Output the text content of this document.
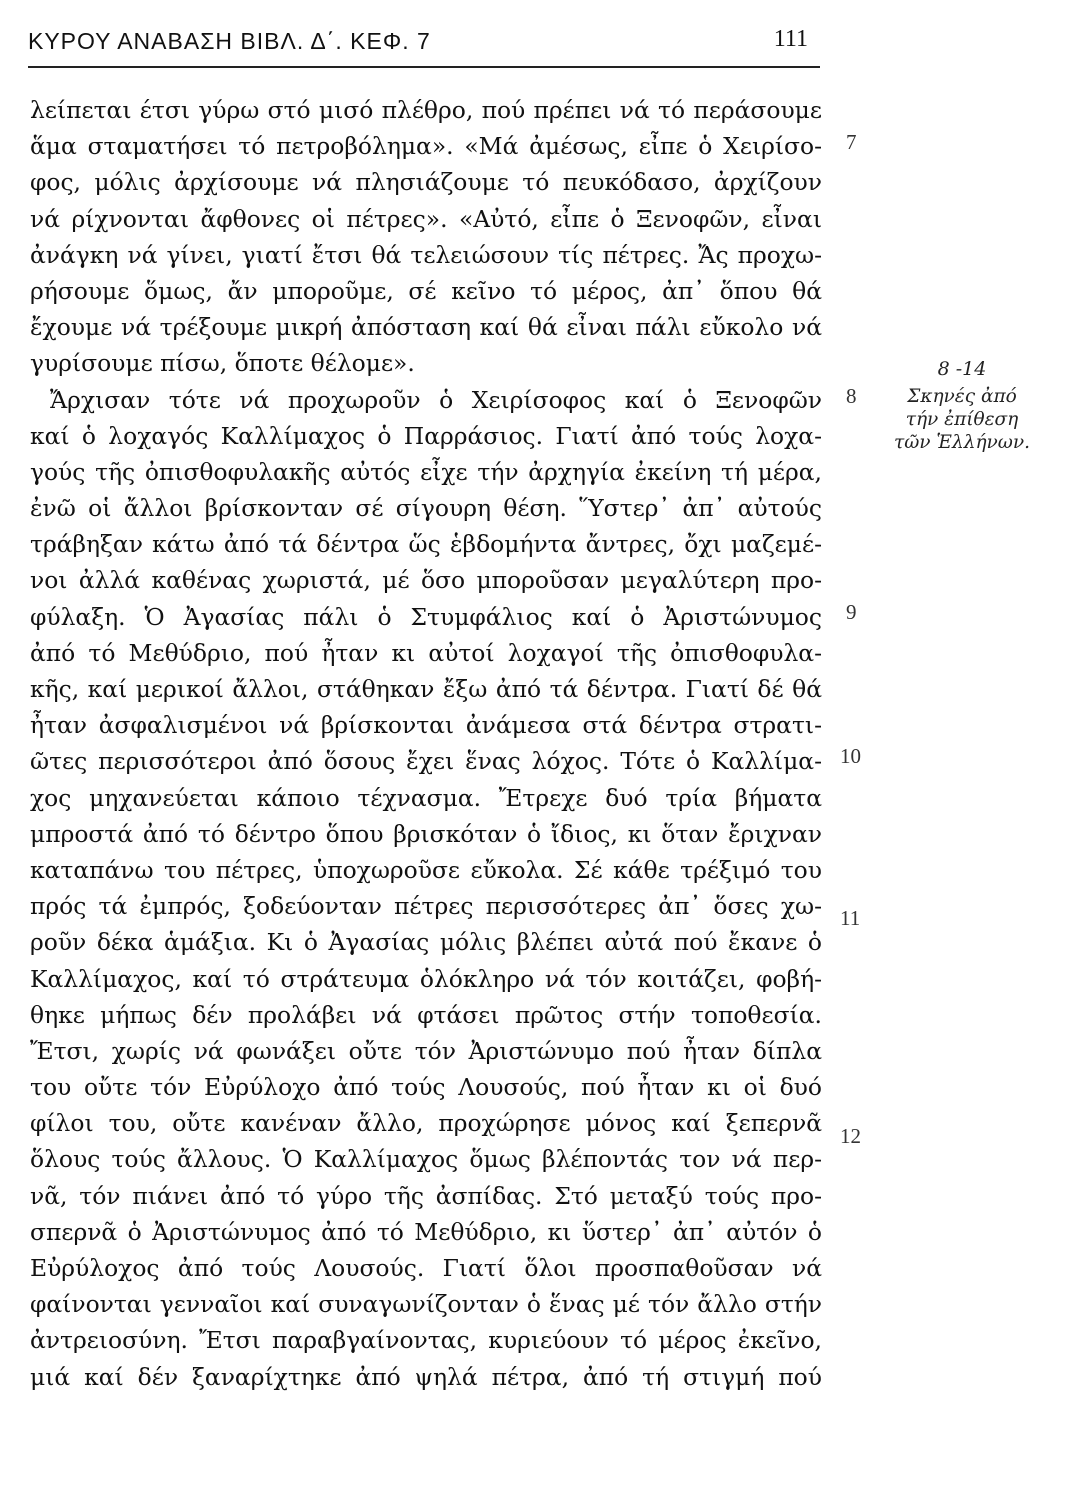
ΚΥΡΟΥ ΑΝΑΒΑΣΗ ΒΙΒΛ. Δ΄. ΚΕΦ. 7	111
λείπεται έτσι γύρω στό μισό πλέθρο, πού πρέπει νά τό περάσουμε
ἅμα σταματήσει τό πετροβόλημα». «Μά ἀμέσως, εἶπε ὁ Χειρίσο-
φος, μόλις ἀρχίσουμε νά πλησιάζουμε τό πευκόδασο, ἀρχίζουν
νά ρίχνονται ἄφθονες οἱ πέτρες». «Αὐτό, εἶπε ὁ Ξενοφῶν, εἶναι
ἀνάγκη νά γίνει, γιατί ἔτσι θά τελειώσουν τίς πέτρες. Ἄς προχω-
ρήσουμε ὅμως, ἄν μποροῦμε, σέ κεῖνο τό μέρος, ἀπ᾽ ὅπου θά
ἔχουμε νά τρέξουμε μικρή ἀπόσταση καί θά εἶναι πάλι εὔκολο νά
γυρίσουμε πίσω, ὅποτε θέλομε».
Ἄρχισαν τότε νά προχωροῦν ὁ Χειρίσοφος καί ὁ Ξενοφῶν
καί ὁ λοχαγός Καλλίμαχος ὁ Παρράσιος. Γιατί ἀπό τούς λοχα-
γούς τῆς ὀπισθοφυλακῆς αὐτός εἶχε τήν ἀρχηγία ἐκείνη τή μέρα,
ἐνῶ οἱ ἄλλοι βρίσκονταν σέ σίγουρη θέση. Ὕστερ᾽ ἀπ᾽ αὐτούς
τράβηξαν κάτω ἀπό τά δέντρα ὥς ἑβδομήντα ἄντρες, ὄχι μαζεμέ-
νοι ἀλλά καθένας χωριστά, μέ ὅσο μποροῦσαν μεγαλύτερη προ-
φύλαξη. Ὁ Ἀγασίας πάλι ὁ Στυμφάλιος καί ὁ Ἀριστώνυμος
ἀπό τό Μεθύδριο, πού ἦταν κι αὐτοί λοχαγοί τῆς ὀπισθοφυλα-
κῆς, καί μερικοί ἄλλοι, στάθηκαν ἔξω ἀπό τά δέντρα. Γιατί δέ θά
ἦταν ἀσφαλισμένοι νά βρίσκονται ἀνάμεσα στά δέντρα στρατι-
ῶτες περισσότεροι ἀπό ὅσους ἔχει ἕνας λόχος. Τότε ὁ Καλλίμα-
χος μηχανεύεται κάποιο τέχνασμα. Ἔτρεχε δυό τρία βήματα
μπροστά ἀπό τό δέντρο ὅπου βρισκόταν ὁ ἴδιος, κι ὅταν ἔριχναν
καταπάνω του πέτρες, ὑποχωροῦσε εὔκολα. Σέ κάθε τρέξιμό του
πρός τά ἐμπρός, ξοδεύονταν πέτρες περισσότερες ἀπ᾽ ὅσες χω-
ροῦν δέκα ἁμάξια. Κι ὁ Ἀγασίας μόλις βλέπει αὐτά πού ἔκανε ὁ
Καλλίμαχος, καί τό στράτευμα ὁλόκληρο νά τόν κοιτάζει, φοβή-
θηκε μήπως δέν προλάβει νά φτάσει πρῶτος στήν τοποθεσία.
Ἔτσι, χωρίς νά φωνάξει οὔτε τόν Ἀριστώνυμο πού ἦταν δίπλα
του οὔτε τόν Εὐρύλοχο ἀπό τούς Λουσούς, πού ἦταν κι οἱ δυό
φίλοι του, οὔτε κανέναν ἄλλο, προχώρησε μόνος καί ξεπερνᾶ
ὅλους τούς ἄλλους. Ὁ Καλλίμαχος ὅμως βλέποντάς τον νά περ-
νᾶ, τόν πιάνει ἀπό τό γύρο τῆς ἀσπίδας. Στό μεταξύ τούς προ-
σπερνᾶ ὁ Ἀριστώνυμος ἀπό τό Μεθύδριο, κι ὕστερ᾽ ἀπ᾽ αὐτόν ὁ
Εὐρύλοχος ἀπό τούς Λουσούς. Γιατί ὅλοι προσπαθοῦσαν νά
φαίνονται γενναῖοι καί συναγωνίζονταν ὁ ἕνας μέ τόν ἄλλο στήν
ἀντρειοσύνη. Ἔτσι παραβγαίνοντας, κυριεύουν τό μέρος ἐκεῖνο,
μιά καί δέν ξαναρίχτηκε ἀπό ψηλά πέτρα, ἀπό τή στιγμή πού
7
8
9
10
11
12
8 -14
Σκηνές ἀπό
τήν ἐπίθεση
τῶν Ἑλλήνων.
